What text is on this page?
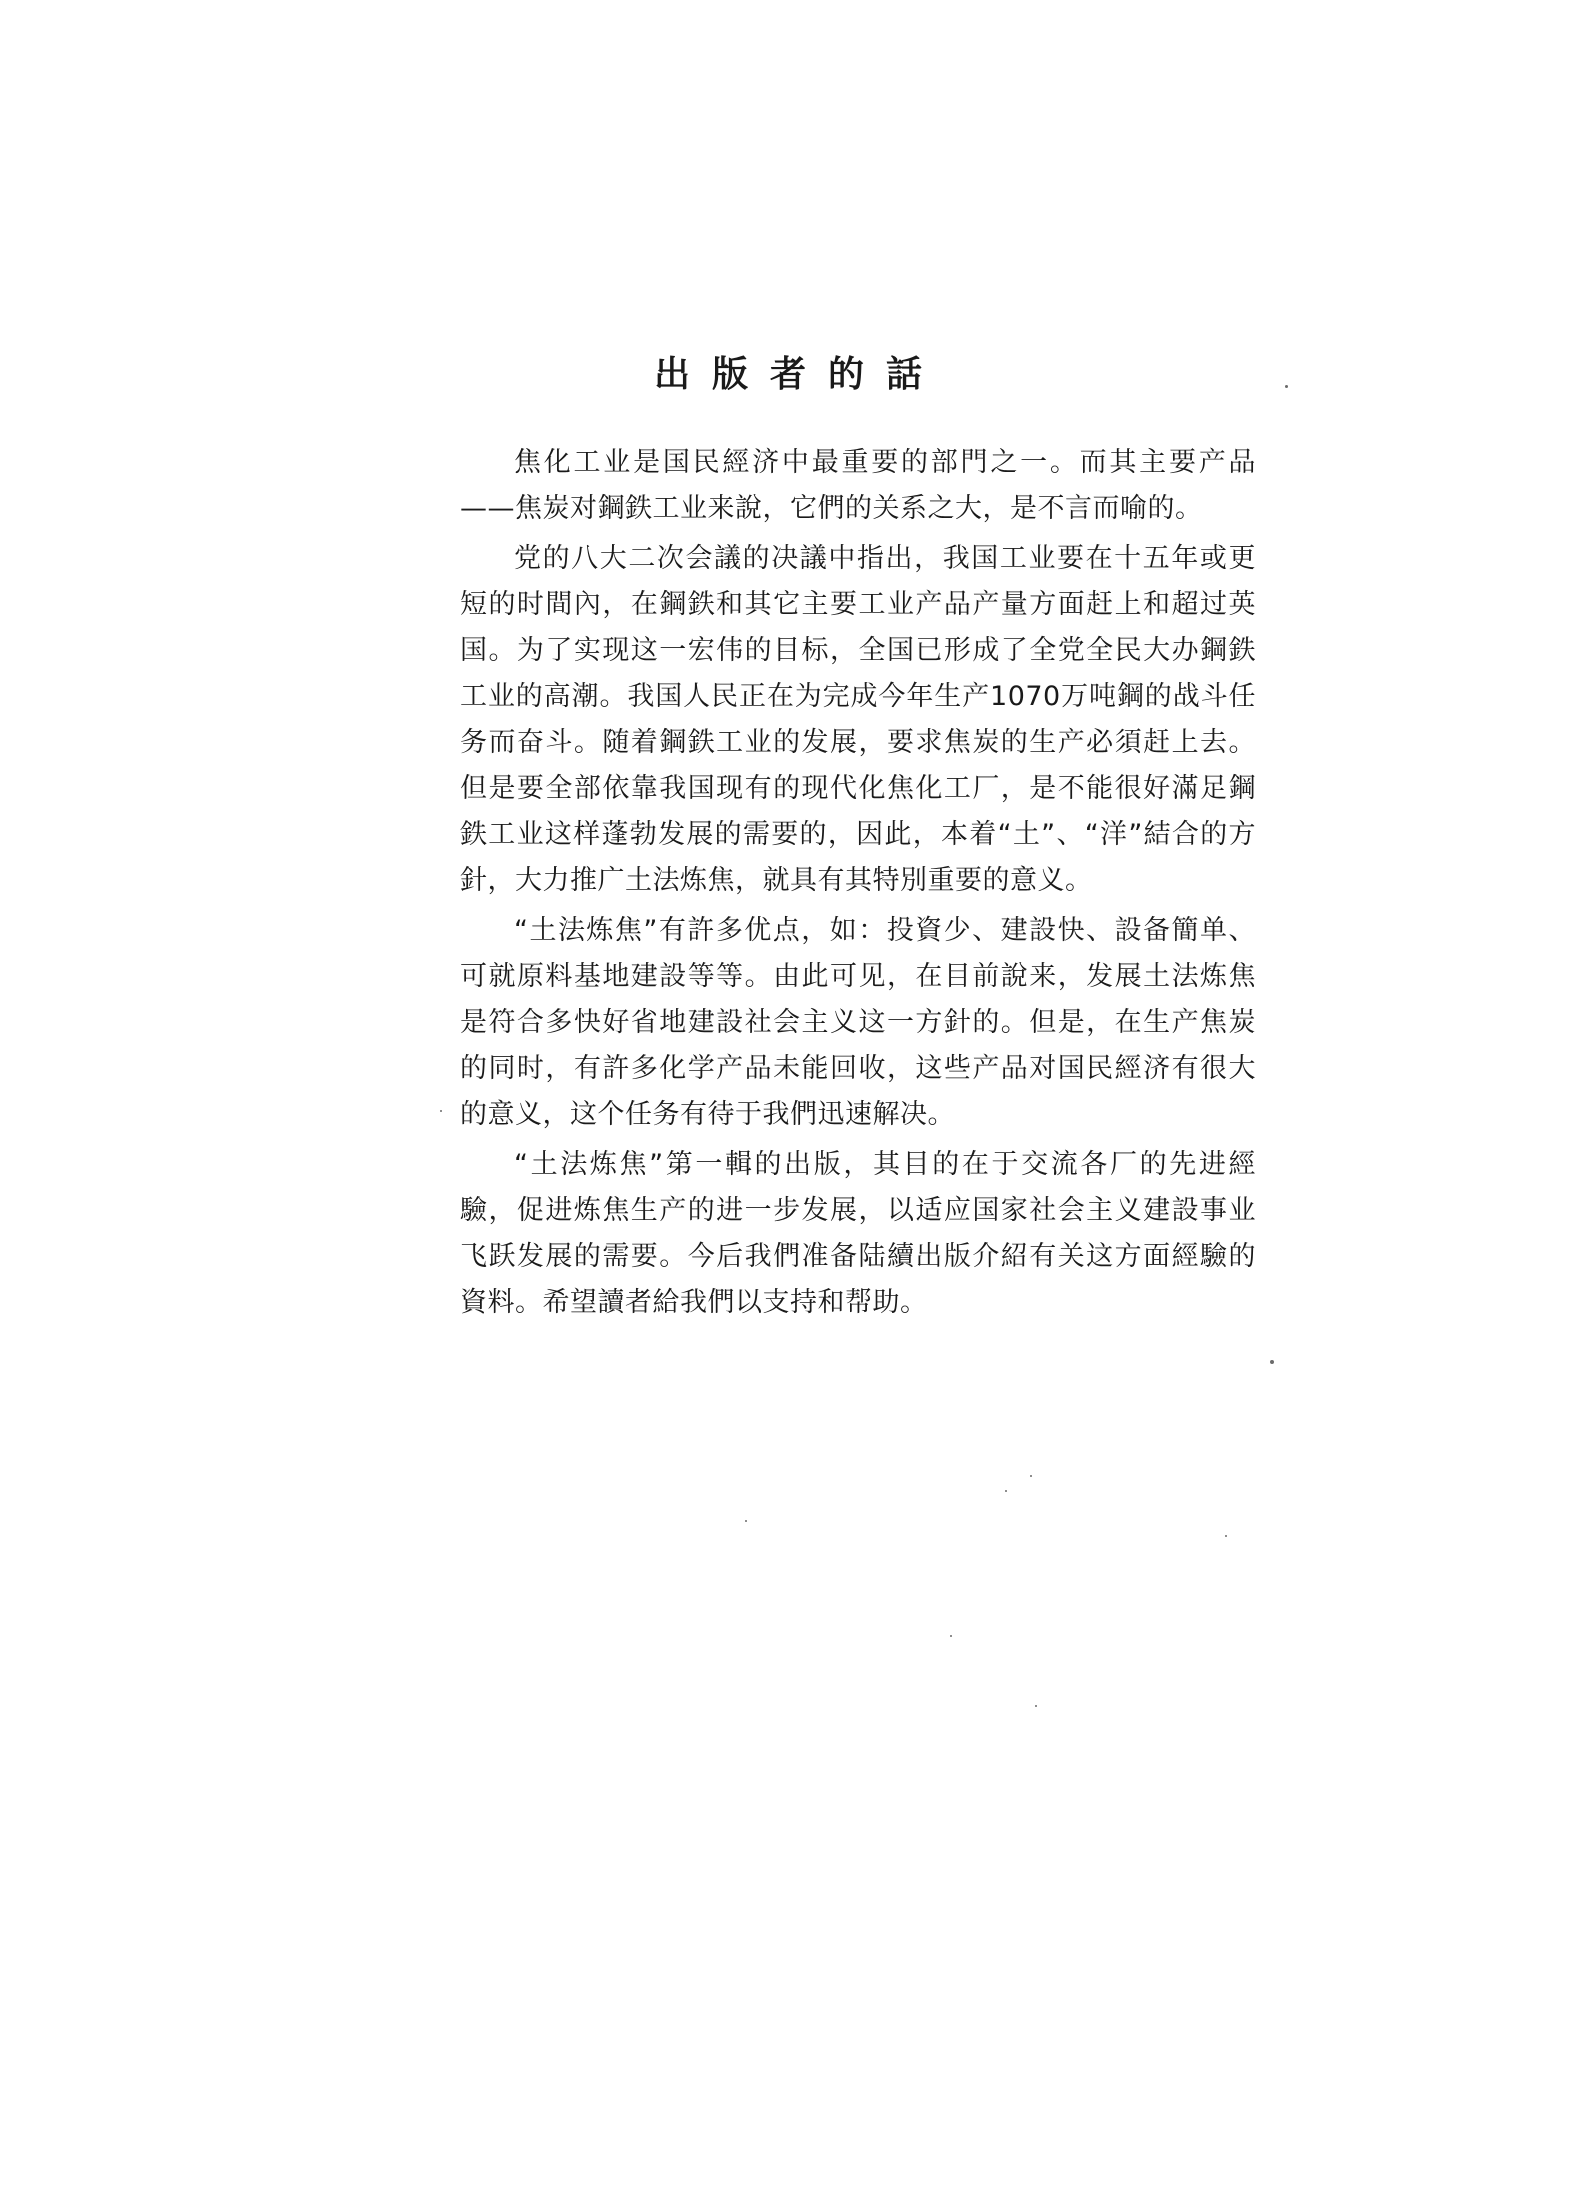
出版者的話

焦化工业是国民經济中最重要的部門之一。而其主要产品——焦炭对鋼鉄工业来說，它們的关系之大，是不言而喻的。

党的八大二次会議的决議中指出，我国工业要在十五年或更短的时間內，在鋼鉄和其它主要工业产品产量方面赶上和超过英国。为了实现这一宏伟的目标，全国已形成了全党全民大办鋼鉄工业的高潮。我国人民正在为完成今年生产1070万吨鋼的战斗任务而奋斗。随着鋼鉄工业的发展，要求焦炭的生产必須赶上去。但是要全部依靠我国现有的现代化焦化工厂，是不能很好滿足鋼鉄工业这样蓬勃发展的需要的，因此，本着“土”、“洋”結合的方針，大力推广土法炼焦，就具有其特別重要的意义。

“土法炼焦”有許多优点，如：投資少、建設快、設备簡单、可就原料基地建設等等。由此可见，在目前說来，发展土法炼焦是符合多快好省地建設社会主义这一方針的。但是，在生产焦炭的同时，有許多化学产品未能回收，这些产品对国民經济有很大的意义，这个任务有待于我們迅速解决。

“土法炼焦”第一輯的出版，其目的在于交流各厂的先进經驗，促进炼焦生产的进一步发展，以适应国家社会主义建設事业飞跃发展的需要。今后我們准备陆續出版介紹有关这方面經驗的資料。希望讀者給我們以支持和帮助。
